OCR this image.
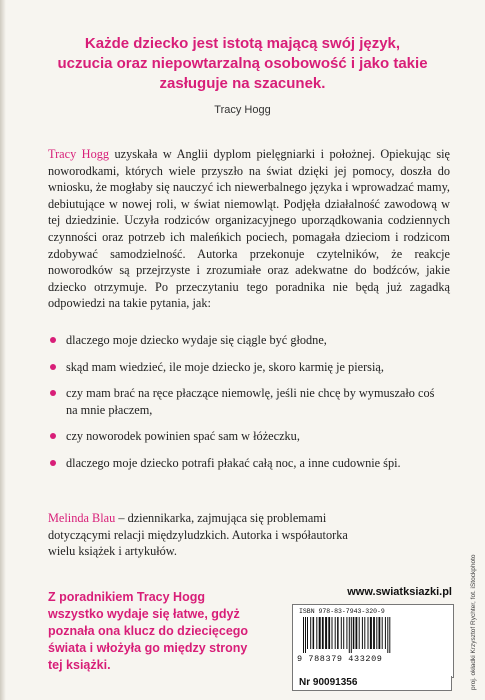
Każde dziecko jest istotą mającą swój język,
uczucia oraz niepowtarzalną osobowość i jako takie
zasługuje na szacunek.
Tracy Hogg
Tracy Hogg uzyskała w Anglii dyplom pielęgniarki i położnej. Opiekując się noworodkami, których wiele przyszło na świat dzięki jej pomocy, doszła do wniosku, że mogłaby się nauczyć ich niewerbalnego języka i wprowadzać mamy, debiutujące w nowej roli, w świat niemowląt. Podjęła działalność zawodową w tej dziedzinie. Uczyła rodziców organizacyjnego uporządkowania codziennych czynności oraz potrzeb ich maleńkich pociech, pomagała dzieciom i rodzicom zdobywać samodzielność. Autorka przekonuje czytelników, że reakcje noworodków są przejrzyste i zrozumiałe oraz adekwatne do bodźców, jakie dziecko otrzymuje. Po przeczytaniu tego poradnika nie będą już zagadką odpowiedzi na takie pytania, jak:
dlaczego moje dziecko wydaje się ciągle być głodne,
skąd mam wiedzieć, ile moje dziecko je, skoro karmię je piersią,
czy mam brać na ręce płaczące niemowlę, jeśli nie chcę by wymuszało coś na mnie płaczem,
czy noworodek powinien spać sam w łóżeczku,
dlaczego moje dziecko potrafi płakać całą noc, a inne cudownie śpi.
Melinda Blau – dziennikarka, zajmująca się problemami dotyczącymi relacji międzyludzkich. Autorka i współautorka wielu książek i artykułów.
Z poradnikiem Tracy Hogg wszystko wydaje się łatwe, gdyż poznała ona klucz do dziecięcego świata i włożyła go między strony tej książki.
www.swiatksiazki.pl
ISBN 978-83-7943-320-9
9 788379 433209
Nr 90091356	proj. okładki Krzysztof Rychter, fot. iStockphoto
